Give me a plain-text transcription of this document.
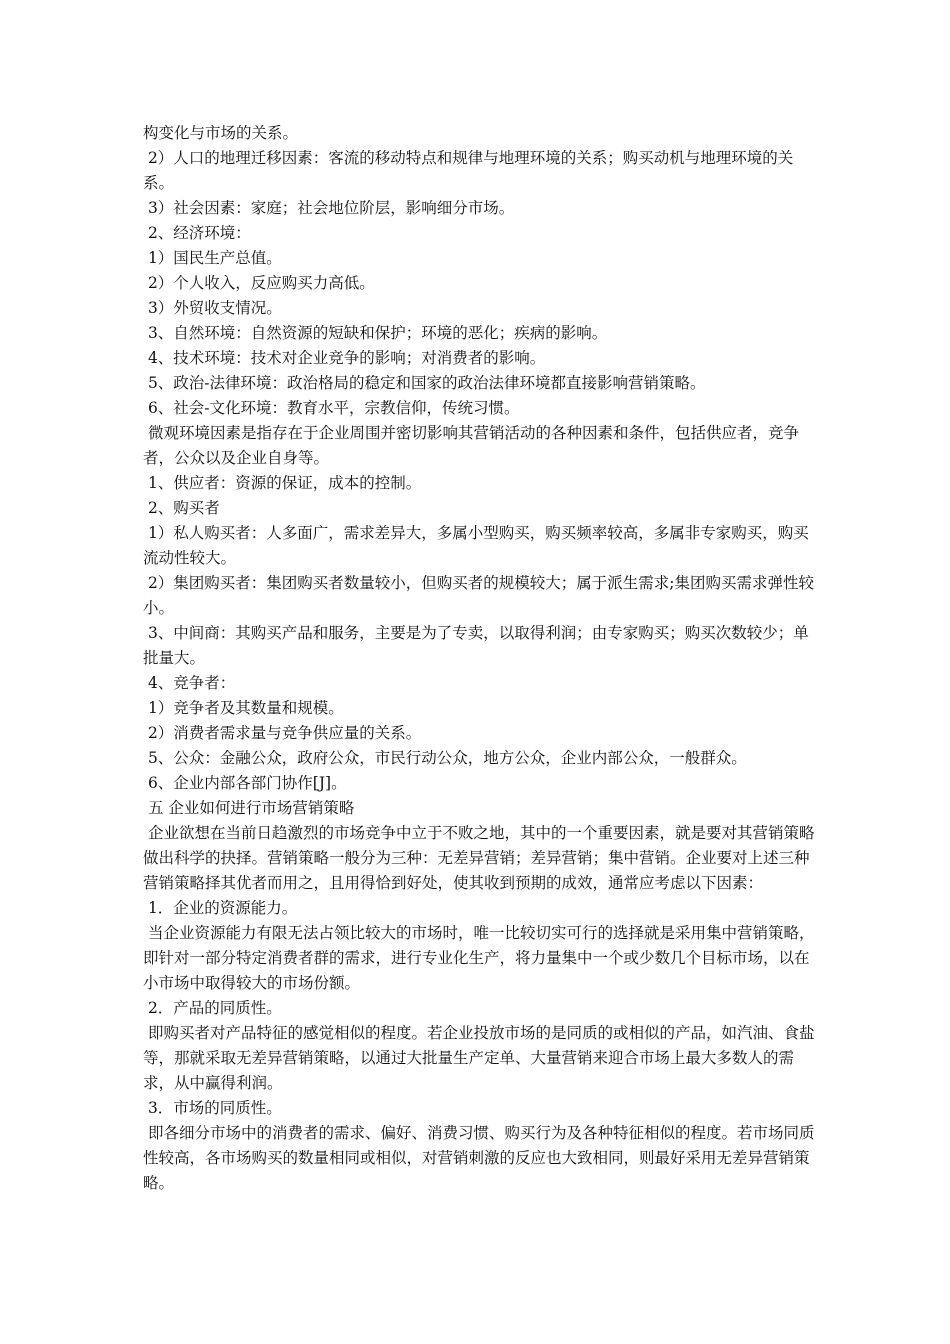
构变化与市场的关系。

2）人口的地理迁移因素：客流的移动特点和规律与地理环境的关系；购买动机与地理环境的关系。

3）社会因素：家庭；社会地位阶层，影响细分市场。

2、经济环境：

1）国民生产总值。

2）个人收入，反应购买力高低。

3）外贸收支情况。

3、自然环境：自然资源的短缺和保护；环境的恶化；疾病的影响。

4、技术环境：技术对企业竞争的影响；对消费者的影响。

5、政治-法律环境：政治格局的稳定和国家的政治法律环境都直接影响营销策略。

6、社会-文化环境：教育水平，宗教信仰，传统习惯。

微观环境因素是指存在于企业周围并密切影响其营销活动的各种因素和条件，包括供应者，竞争者，公众以及企业自身等。

1、供应者：资源的保证，成本的控制。

2、购买者

1）私人购买者：人多面广，需求差异大，多属小型购买，购买频率较高，多属非专家购买，购买流动性较大。

2）集团购买者：集团购买者数量较小，但购买者的规模较大；属于派生需求;集团购买需求弹性较小。

3、中间商：其购买产品和服务，主要是为了专卖，以取得利润；由专家购买；购买次数较少；单批量大。

4、竞争者：

1）竞争者及其数量和规模。

2）消费者需求量与竞争供应量的关系。

5、公众：金融公众，政府公众，市民行动公众，地方公众，企业内部公众，一般群众。

6、企业内部各部门协作[J]。

五 企业如何进行市场营销策略

企业欲想在当前日趋激烈的市场竞争中立于不败之地，其中的一个重要因素，就是要对其营销策略做出科学的抉择。营销策略一般分为三种：无差异营销；差异营销；集中营销。企业要对上述三种营销策略择其优者而用之，且用得恰到好处，使其收到预期的成效，通常应考虑以下因素：

1．企业的资源能力。

当企业资源能力有限无法占领比较大的市场时，唯一比较切实可行的选择就是采用集中营销策略，即针对一部分特定消费者群的需求，进行专业化生产，将力量集中一个或少数几个目标市场，以在小市场中取得较大的市场份额。

2．产品的同质性。

即购买者对产品特征的感觉相似的程度。若企业投放市场的是同质的或相似的产品，如汽油、食盐等，那就采取无差异营销策略，以通过大批量生产定单、大量营销来迎合市场上最大多数人的需求，从中赢得利润。

3．市场的同质性。

即各细分市场中的消费者的需求、偏好、消费习惯、购买行为及各种特征相似的程度。若市场同质性较高，各市场购买的数量相同或相似，对营销刺激的反应也大致相同，则最好采用无差异营销策略。
